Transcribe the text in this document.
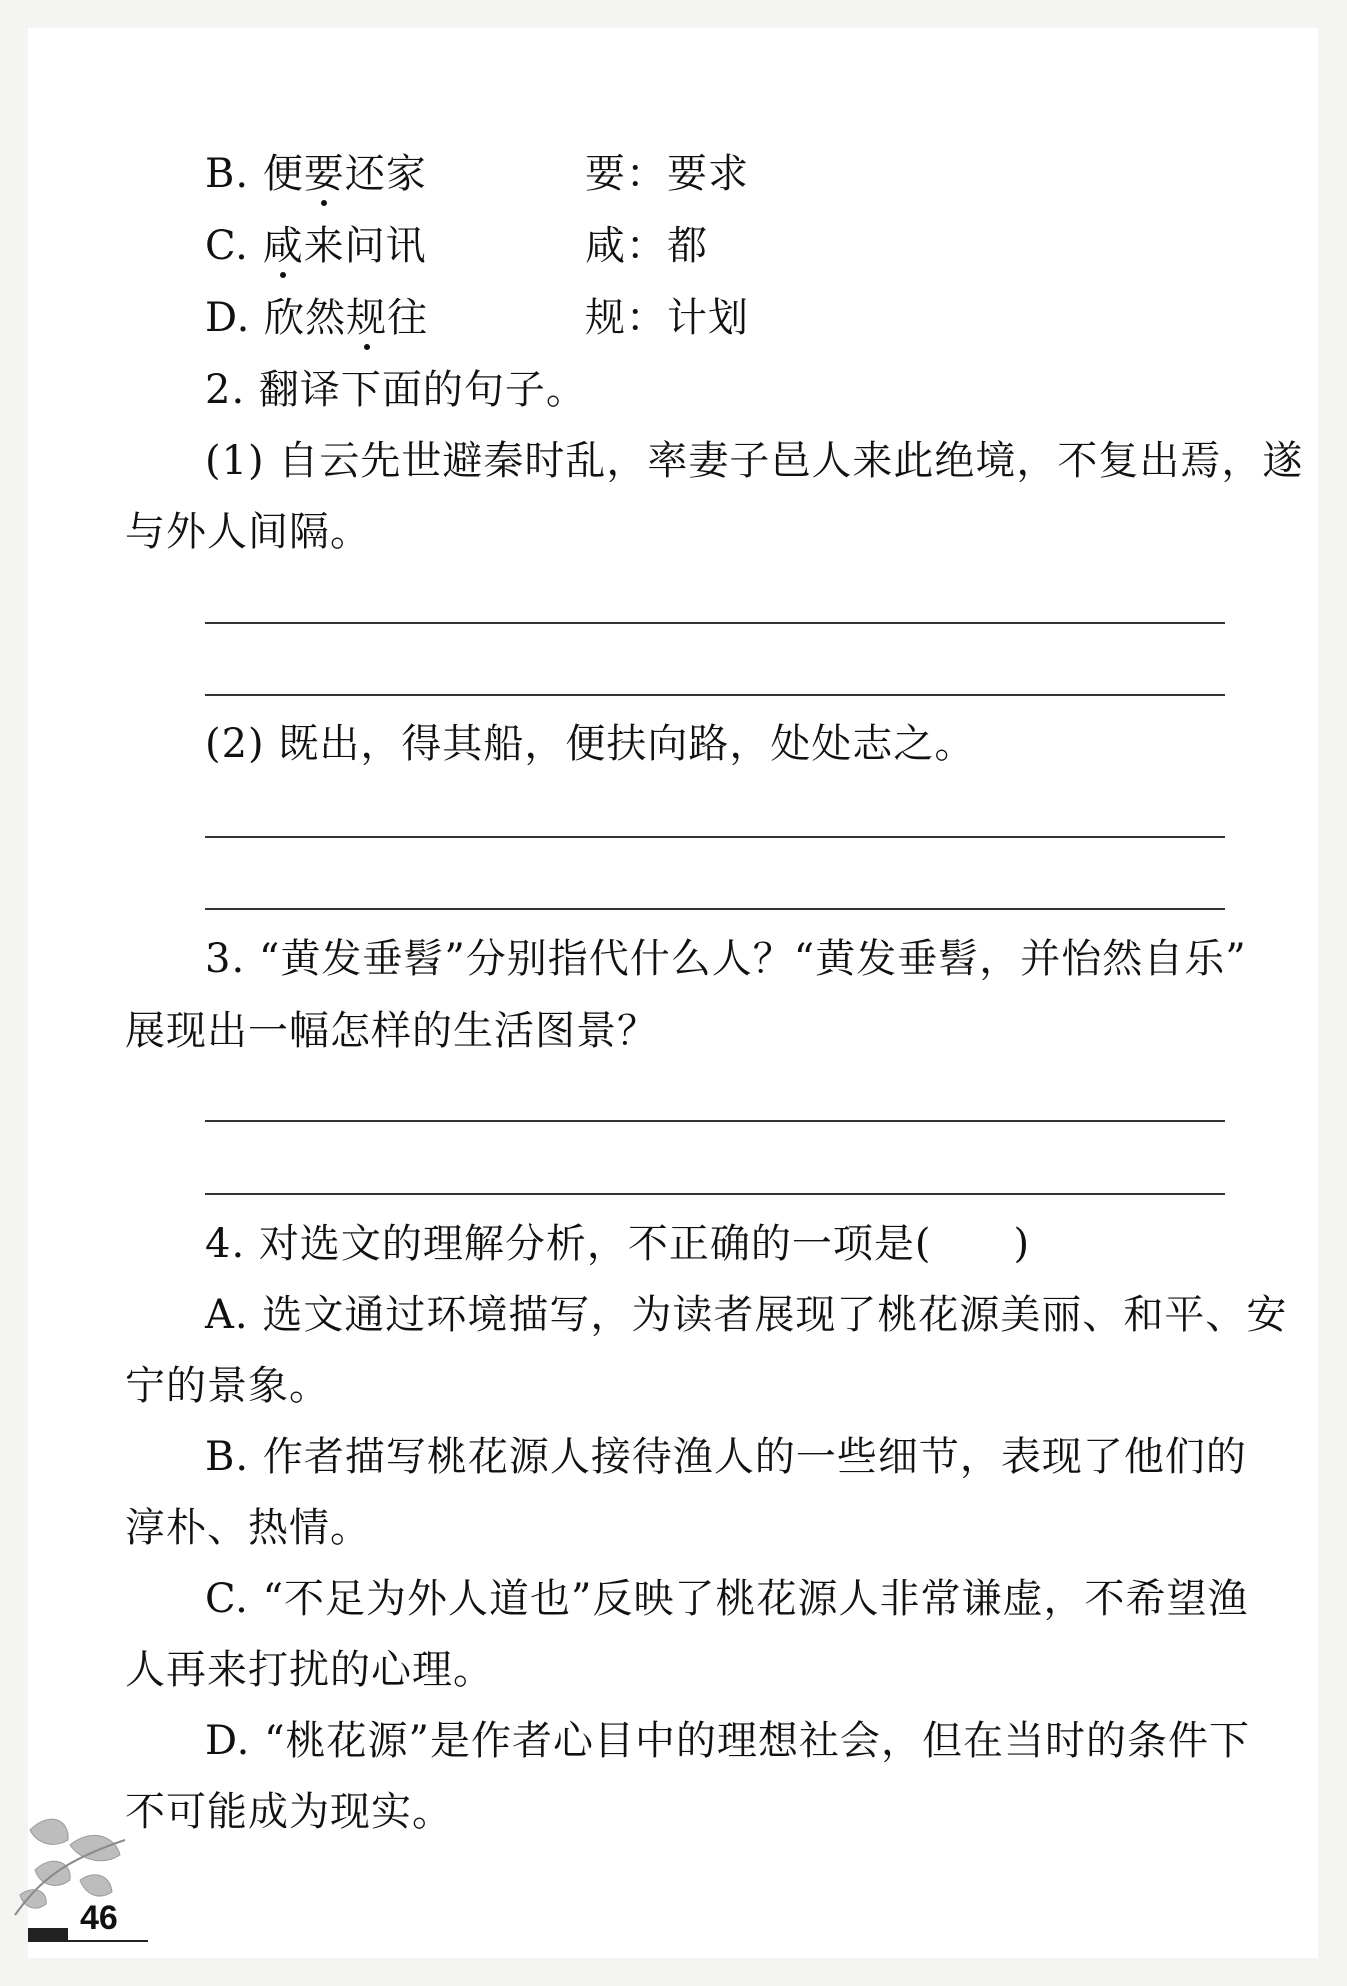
B. 便要还家	要：要求
C. 咸来问讯	咸：都
D. 欣然规往	规：计划
2. 翻译下面的句子。
(1) 自云先世避秦时乱，率妻子邑人来此绝境，不复出焉，遂
与外人间隔。
(2) 既出，得其船，便扶向路，处处志之。
3. “黄发垂髫”分别指代什么人？“黄发垂髫，并怡然自乐”
展现出一幅怎样的生活图景？
4. 对选文的理解分析，不正确的一项是(　　)
A. 选文通过环境描写，为读者展现了桃花源美丽、和平、安
宁的景象。
B. 作者描写桃花源人接待渔人的一些细节，表现了他们的
淳朴、热情。
C. “不足为外人道也”反映了桃花源人非常谦虚，不希望渔
人再来打扰的心理。
D. “桃花源”是作者心目中的理想社会，但在当时的条件下
不可能成为现实。
46
